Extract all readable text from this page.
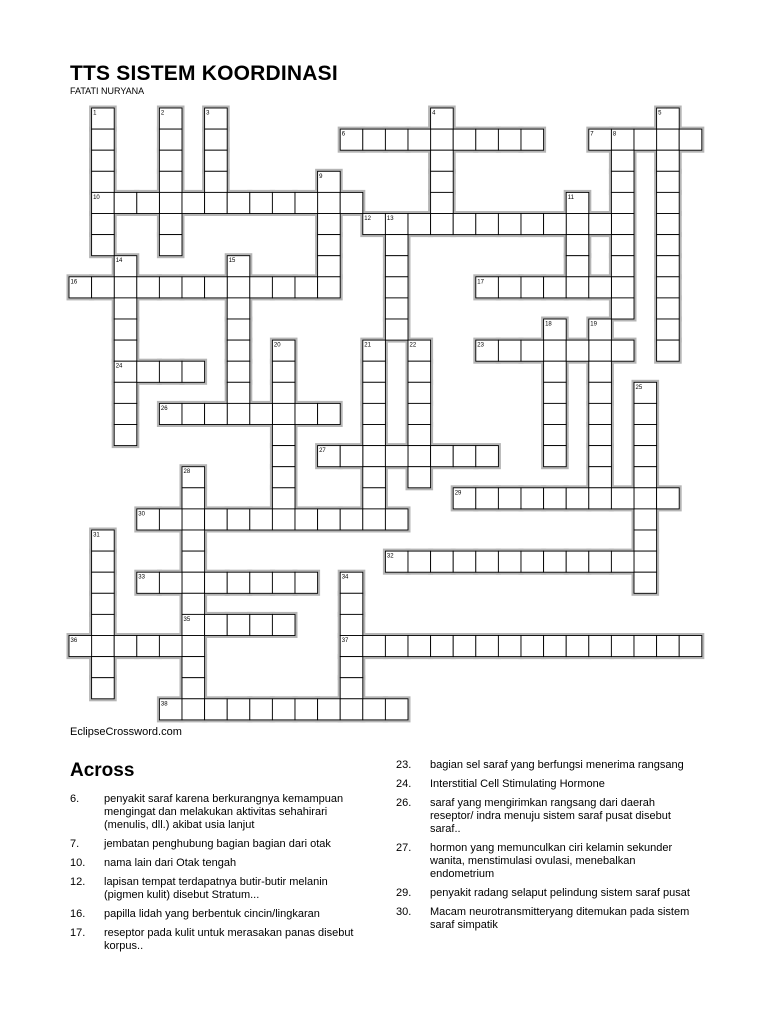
TTS SISTEM KOORDINASI
FATATI NURYANA
1
10
2	3	4	5
6	7	8
9
11
12	13
14
24
15
16	17
18	19
20	21	22	23
25
26
27
28
35
29
30
31
32
33	34
37
36
38
EclipseCrossword.com
Across
6. penyakit saraf karena berkurangnya kemampuan mengingat dan melakukan aktivitas sehahirari (menulis, dll.) akibat usia lanjut
7. jembatan penghubung bagian bagian dari otak
10. nama lain dari Otak tengah
12. lapisan tempat terdapatnya butir-butir melanin (pigmen kulit) disebut Stratum...
16. papilla lidah yang berbentuk cincin/lingkaran
17. reseptor pada kulit untuk merasakan panas disebut korpus..
23. bagian sel saraf yang berfungsi menerima rangsang
24. Interstitial Cell Stimulating Hormone
26. saraf yang mengirimkan rangsang dari daerah reseptor/ indra menuju sistem saraf pusat disebut saraf..
27. hormon yang memunculkan ciri kelamin sekunder wanita, menstimulasi ovulasi, menebalkan endometrium
29. penyakit radang selaput pelindung sistem saraf pusat
30. Macam neurotransmitteryang ditemukan pada sistem saraf simpatik
